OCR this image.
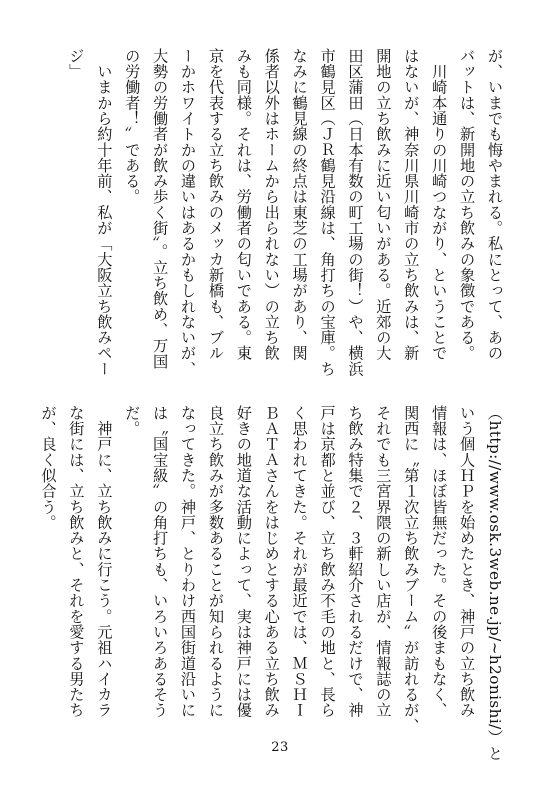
が、いまでも悔やまれる。私にとって、あの
バットは、新開地の立ち飲みの象徴である。
　川崎本通りの川崎つながり、ということで
はないが、神奈川県川崎市の立ち飲みは、新
開地の立ち飲みに近い匂いがある。近郊の大
田区蒲田（日本有数の町工場の街！）や、横浜
市鶴見区（ＪＲ鶴見沿線は、角打ちの宝庫。ち
なみに鶴見線の終点は東芝の工場があり、関
係者以外はホームから出られない）の立ち飲
みも同様。それは、労働者の匂いである。東
京を代表する立ち飲みのメッカ新橋も、ブル
ーかホワイトかの違いはあるかもしれないが、
大勢の労働者が飲み歩く街〟。立ち飲め、万国
の労働者！〟である。
　いまから約十年前、私が「大阪立ち飲みペー
ジ」
（http://www.osk.3web.ne.jp/~h2onishi/）と
いう個人ＨＰを始めたとき、神戸の立ち飲み
情報は、ほぼ皆無だった。その後まもなく、
関西に〝第１次立ち飲みブーム〟が訪れるが、
それでも三宮界隈の新しい店が、情報誌の立
ち飲み特集で２、３軒紹介されるだけで、神
戸は京都と並び、立ち飲み不毛の地と、長ら
く思われてきた。それが最近では、ＭＳＨＩ
ＢＡＴＡさんをはじめとする心ある立ち飲み
好きの地道な活動によって、実は神戸には優
良立ち飲みが多数あることが知られるように
なってきた。神戸、とりわけ西国街道沿いに
は〝国宝級〟の角打ちも、いろいろあるそう
だ。
　神戸に、立ち飲みに行こう。元祖ハイカラ
な街には、立ち飲みと、それを愛する男たち
が、良く似合う。
23
